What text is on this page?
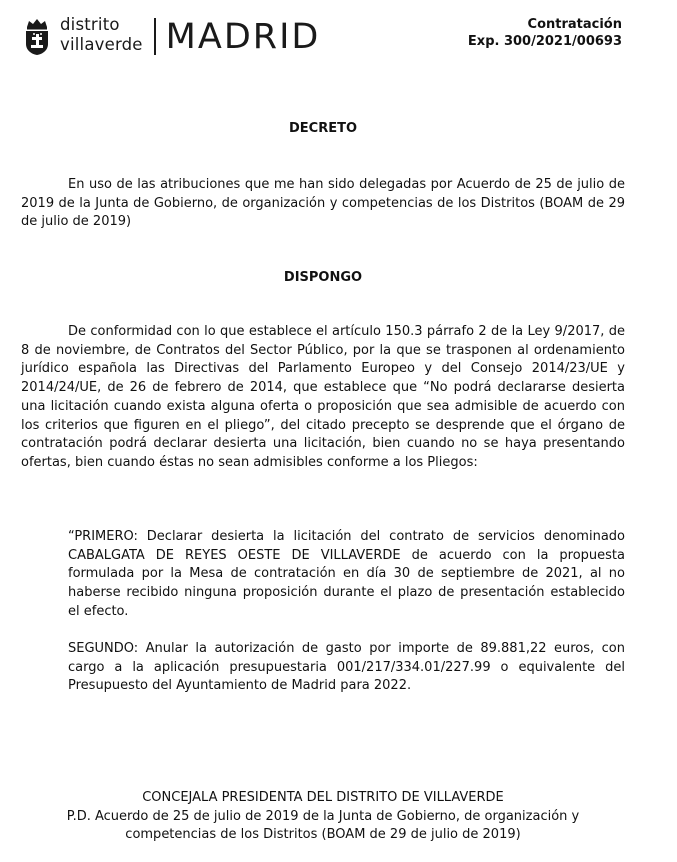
distrito
villaverde MADRID	Contratación
Exp. 300/2021/00693
DECRETO

En uso de las atribuciones que me han sido delegadas por Acuerdo de 25 de julio de 2019 de la Junta de Gobierno, de organización y competencias de los Distritos (BOAM de 29 de julio de 2019)

DISPONGO

De conformidad con lo que establece el artículo 150.3 párrafo 2 de la Ley 9/2017, de 8 de noviembre, de Contratos del Sector Público, por la que se trasponen al ordenamiento jurídico española las Directivas del Parlamento Europeo y del Consejo 2014/23/UE y 2014/24/UE, de 26 de febrero de 2014, que establece que “No podrá declararse desierta una licitación cuando exista alguna oferta o proposición que sea admisible de acuerdo con los criterios que figuren en el pliego”, del citado precepto se desprende que el órgano de contratación podrá declarar desierta una licitación, bien cuando no se haya presentando ofertas, bien cuando éstas no sean admisibles conforme a los Pliegos:

“PRIMERO: Declarar desierta la licitación del contrato de servicios denominado CABALGATA DE REYES OESTE DE VILLAVERDE de acuerdo con la propuesta formulada por la Mesa de contratación en día 30 de septiembre de 2021, al no haberse recibido ninguna proposición durante el plazo de presentación establecido el efecto.

SEGUNDO: Anular la autorización de gasto por importe de 89.881,22 euros, con cargo a la aplicación presupuestaria 001/217/334.01/227.99 o equivalente del Presupuesto del Ayuntamiento de Madrid para 2022.

CONCEJALA PRESIDENTA DEL DISTRITO DE VILLAVERDE
P.D. Acuerdo de 25 de julio de 2019 de la Junta de Gobierno, de organización y
competencias de los Distritos (BOAM de 29 de julio de 2019)
